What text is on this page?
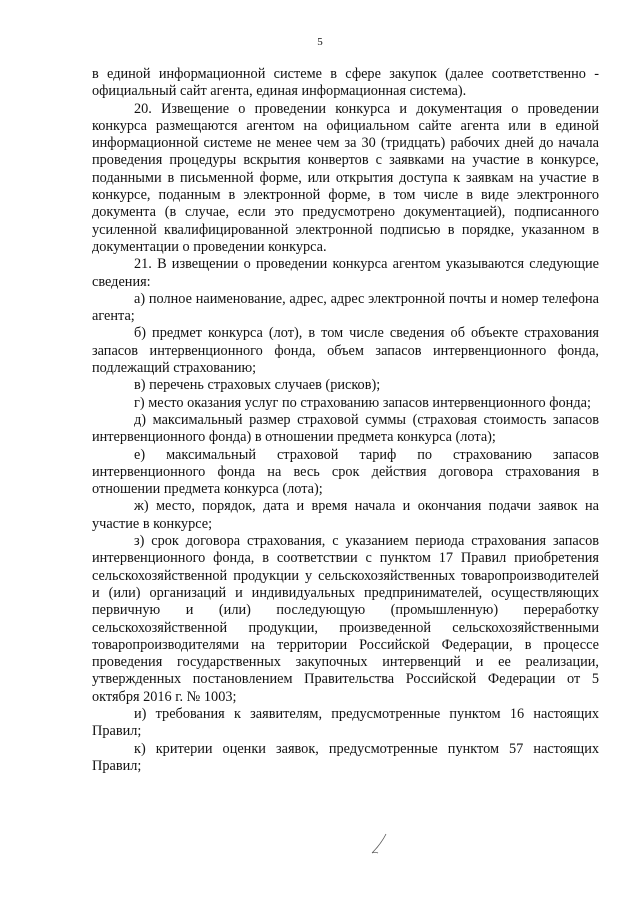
5

в единой информационной системе в сфере закупок (далее соответственно - официальный сайт агента, единая информационная система).

20. Извещение о проведении конкурса и документация о проведении конкурса размещаются агентом на официальном сайте агента или в единой информационной системе не менее чем за 30 (тридцать) рабочих дней до начала проведения процедуры вскрытия конвертов с заявками на участие в конкурсе, поданными в письменной форме, или открытия доступа к заявкам на участие в конкурсе, поданным в электронной форме, в том числе в виде электронного документа (в случае, если это предусмотрено документацией), подписанного усиленной квалифицированной электронной подписью в порядке, указанном в документации о проведении конкурса.

21. В извещении о проведении конкурса агентом указываются следующие сведения:

а) полное наименование, адрес, адрес электронной почты и номер телефона агента;

б) предмет конкурса (лот), в том числе сведения об объекте страхования запасов интервенционного фонда, объем запасов интервенционного фонда, подлежащий страхованию;

в) перечень страховых случаев (рисков);

г) место оказания услуг по страхованию запасов интервенционного фонда;

д) максимальный размер страховой суммы (страховая стоимость запасов интервенционного фонда) в отношении предмета конкурса (лота);

е) максимальный страховой тариф по страхованию запасов интервенционного фонда на весь срок действия договора страхования в отношении предмета конкурса (лота);

ж) место, порядок, дата и время начала и окончания подачи заявок на участие в конкурсе;

з) срок договора страхования, с указанием периода страхования запасов интервенционного фонда, в соответствии с пунктом 17 Правил приобретения сельскохозяйственной продукции у сельскохозяйственных товаропроизводителей и (или) организаций и индивидуальных предпринимателей, осуществляющих первичную и (или) последующую (промышленную) переработку сельскохозяйственной продукции, произведенной сельскохозяйственными товаропроизводителями на территории Российской Федерации, в процессе проведения государственных закупочных интервенций и ее реализации, утвержденных постановлением Правительства Российской Федерации от 5 октября 2016 г. № 1003;

и) требования к заявителям, предусмотренные пунктом 16 настоящих Правил;

к) критерии оценки заявок, предусмотренные пунктом 57 настоящих Правил;
